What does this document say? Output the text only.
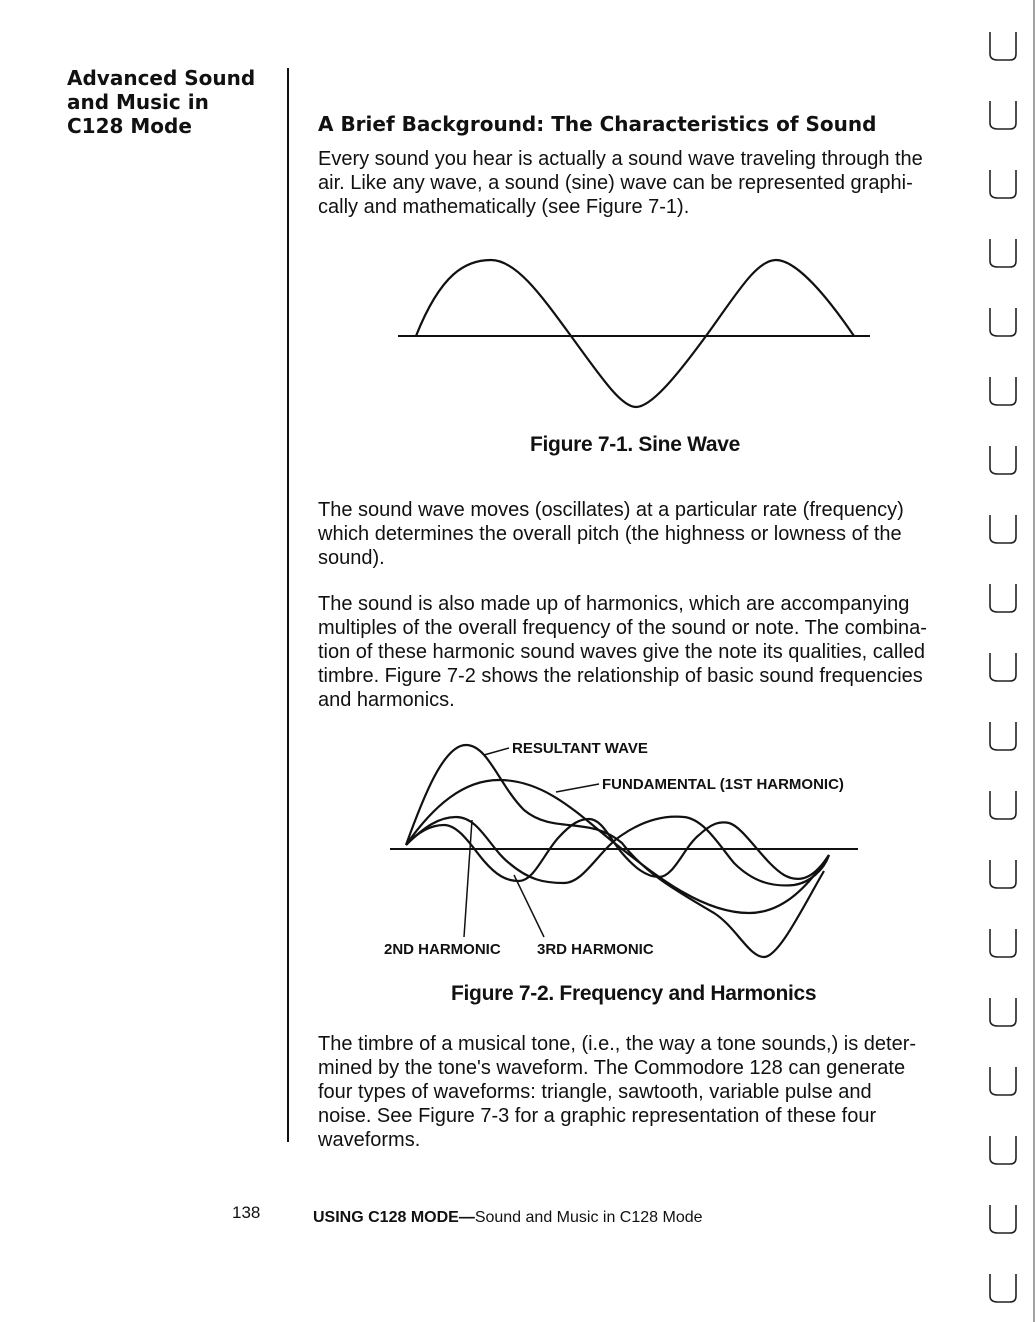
Advanced Sound
and Music in
C128 Mode	A Brief Background: The Characteristics of Sound

Every sound you hear is actually a sound wave traveling through the
air. Like any wave, a sound (sine) wave can be represented graphi-
cally and mathematically (see Figure 7-1).

Figure 7-1. Sine Wave

The sound wave moves (oscillates) at a particular rate (frequency)
which determines the overall pitch (the highness or lowness of the
sound).

The sound is also made up of harmonics, which are accompanying
multiples of the overall frequency of the sound or note. The combina-
tion of these harmonic sound waves give the note its qualities, called
timbre. Figure 7-2 shows the relationship of basic sound frequencies
and harmonics.

Figure 7-2. Frequency and Harmonics

The timbre of a musical tone, (i.e., the way a tone sounds,) is deter-
mined by the tone's waveform. The Commodore 128 can generate
four types of waveforms: triangle, sawtooth, variable pulse and
noise. See Figure 7-3 for a graphic representation of these four
waveforms.

RESULTANT WAVE
FUNDAMENTAL (1ST HARMONIC)
2ND HARMONIC 3RD HARMONIC

138	USING C128 MODE—Sound and Music in C128 Mode
